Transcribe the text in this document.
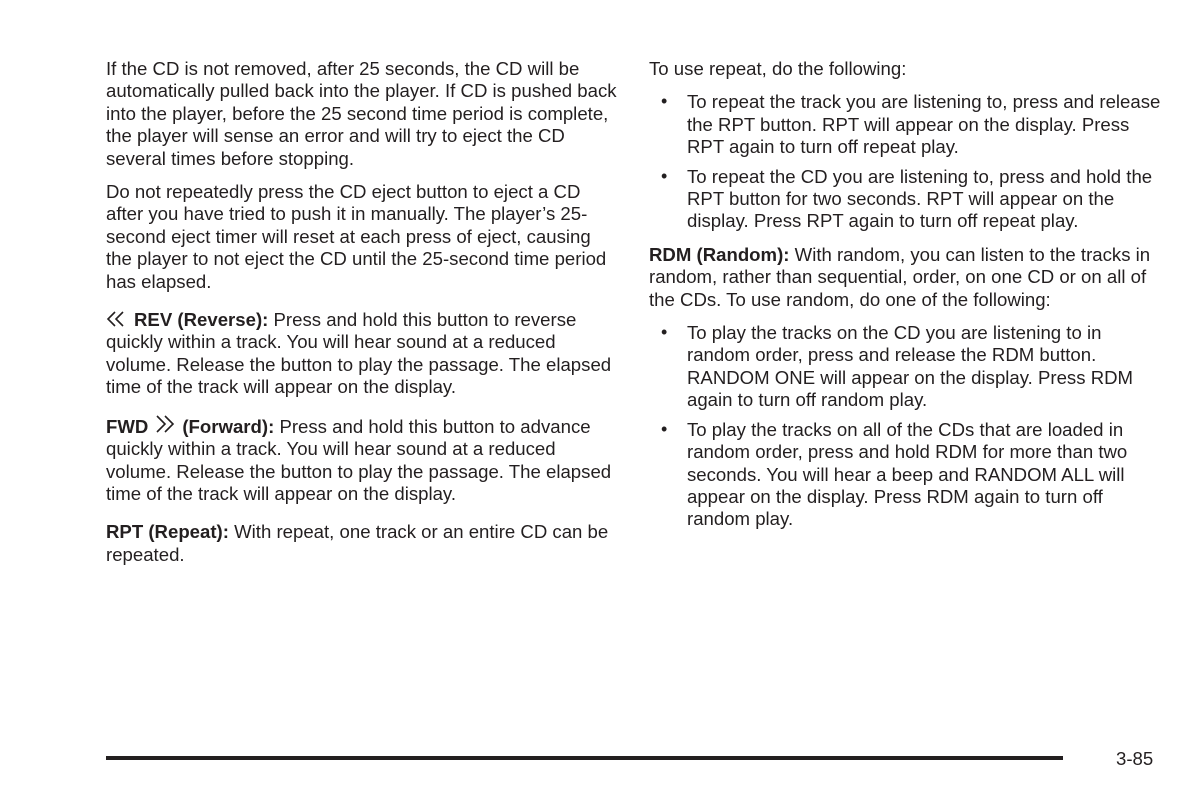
If the CD is not removed, after 25 seconds, the CD will be automatically pulled back into the player. If CD is pushed back into the player, before the 25 second time period is complete, the player will sense an error and will try to eject the CD several times before stopping.

Do not repeatedly press the CD eject button to eject a CD after you have tried to push it in manually. The player’s 25-second eject timer will reset at each press of eject, causing the player to not eject the CD until the 25-second time period has elapsed.

REV (Reverse): Press and hold this button to reverse quickly within a track. You will hear sound at a reduced volume. Release the button to play the passage. The elapsed time of the track will appear on the display.

FWD (Forward): Press and hold this button to advance quickly within a track. You will hear sound at a reduced volume. Release the button to play the passage. The elapsed time of the track will appear on the display.

RPT (Repeat): With repeat, one track or an entire CD can be repeated.

To use repeat, do the following:

• To repeat the track you are listening to, press and release the RPT button. RPT will appear on the display. Press RPT again to turn off repeat play.
• To repeat the CD you are listening to, press and hold the RPT button for two seconds. RPT will appear on the display. Press RPT again to turn off repeat play.

RDM (Random): With random, you can listen to the tracks in random, rather than sequential, order, on one CD or on all of the CDs. To use random, do one of the following:

• To play the tracks on the CD you are listening to in random order, press and release the RDM button. RANDOM ONE will appear on the display. Press RDM again to turn off random play.
• To play the tracks on all of the CDs that are loaded in random order, press and hold RDM for more than two seconds. You will hear a beep and RANDOM ALL will appear on the display. Press RDM again to turn off random play.
3-85
